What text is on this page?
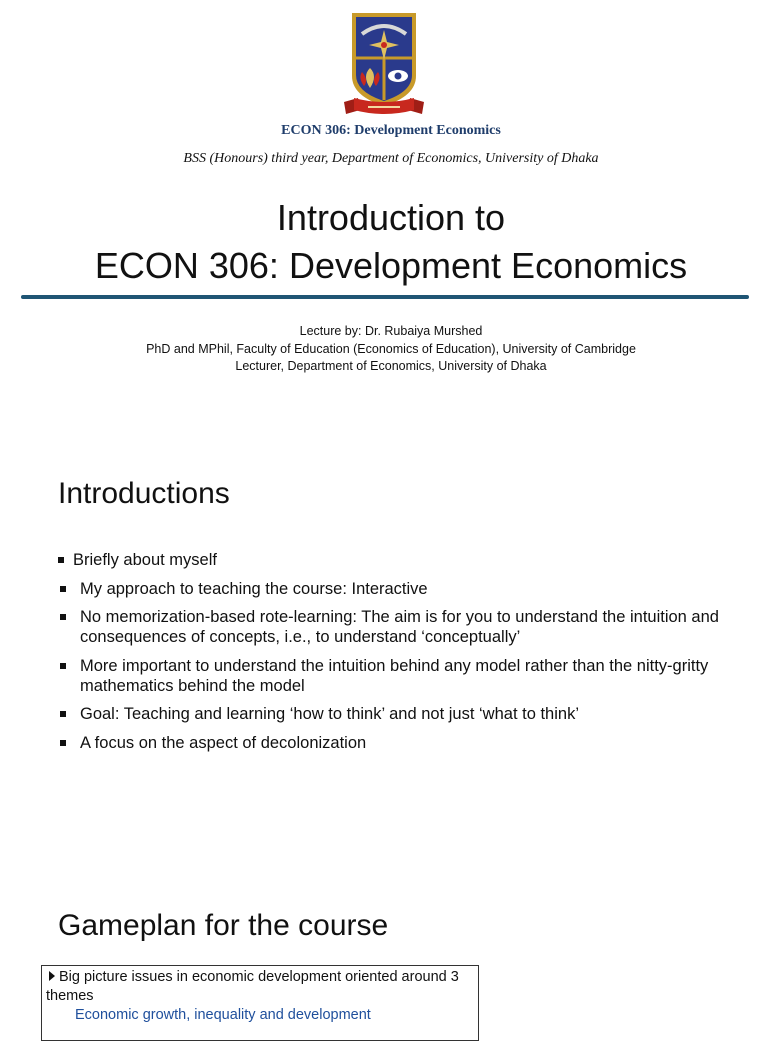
ECON 306: Development Economics
BSS (Honours) third year, Department of Economics, University of Dhaka
Introduction to
ECON 306: Development Economics
Lecture by: Dr. Rubaiya Murshed
PhD and MPhil, Faculty of Education (Economics of Education), University of Cambridge
Lecturer, Department of Economics, University of Dhaka
Introductions
Briefly about myself
My approach to teaching the course: Interactive
No memorization-based rote-learning: The aim is for you to understand the intuition and consequences of concepts, i.e., to understand ‘conceptually’
More important to understand the intuition behind any model rather than the nitty-gritty mathematics behind the model
Goal: Teaching and learning ‘how to think’ and not just ‘what to think’
A focus on the aspect of decolonization
Gameplan for the course
Big picture issues in economic development oriented around 3 themes
Economic growth, inequality and development
